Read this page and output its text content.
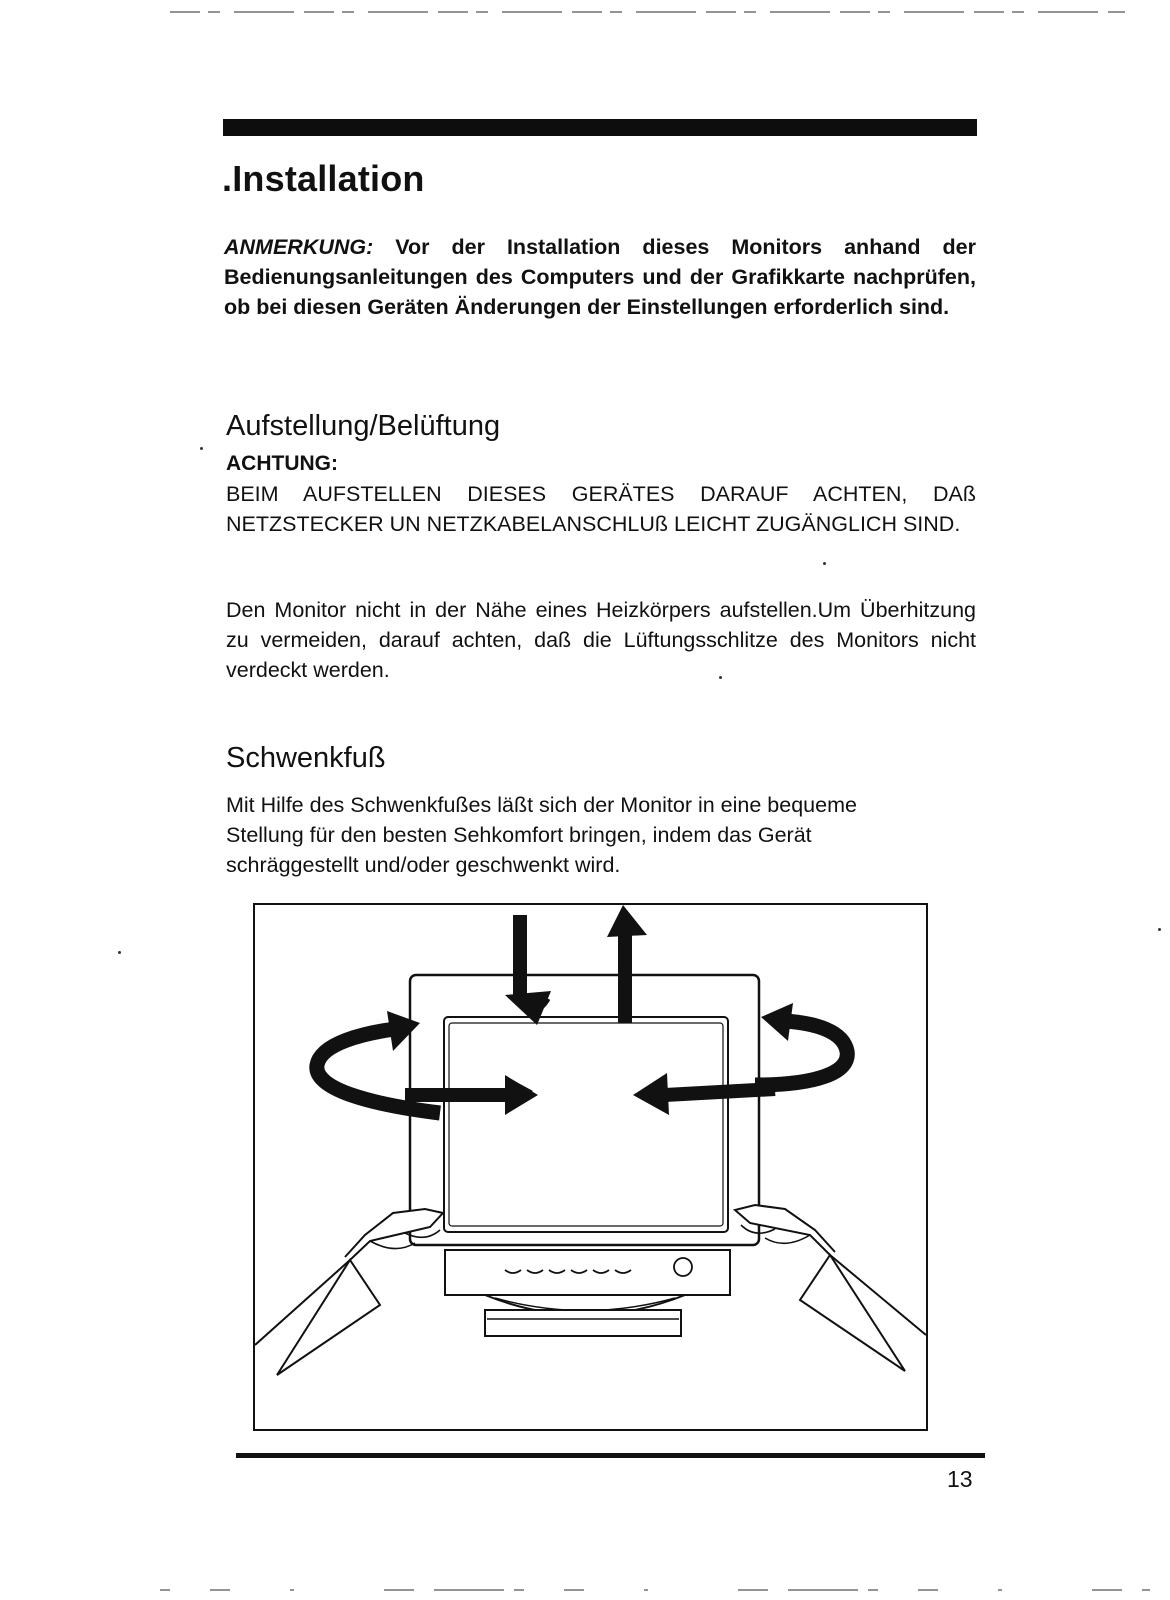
.Installation

ANMERKUNG: Vor der Installation dieses Monitors anhand der Bedienungsanleitungen des Computers und der Grafikkarte nachprüfen, ob bei diesen Geräten Änderungen der Einstellungen erforderlich sind.

Aufstellung/Belüftung

ACHTUNG:

BEIM AUFSTELLEN DIESES GERÄTES DARAUF ACHTEN, DAß NETZSTECKER UN NETZKABELANSCHLUß LEICHT ZUGÄNGLICH SIND.

Den Monitor nicht in der Nähe eines Heizkörpers aufstellen.Um Überhitzung zu vermeiden, darauf achten, daß die Lüftungsschlitze des Monitors nicht verdeckt werden.

Schwenkfuß

Mit Hilfe des Schwenkfußes läßt sich der Monitor in eine bequeme Stellung für den besten Sehkomfort bringen, indem das Gerät schräggestellt und/oder geschwenkt wird.

13
